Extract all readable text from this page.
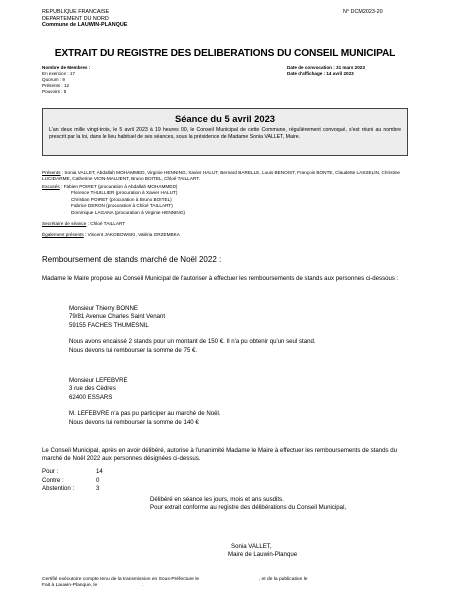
REPUBLIQUE FRANCAISE
DEPARTEMENT DU NORD
Commune de LAUWIN-PLANQUE
N° DCM2023-20
EXTRAIT DU REGISTRE DES DELIBERATIONS DU CONSEIL MUNICIPAL
Nombre de Membres :
En exercice : 17
Quorum : 9
Présents : 12
Pouvoirs : 5
Date de convocation : 31 mars 2023
Date d'affichage : 14 avril 2023
Séance du 5 avril 2023
L'an deux mille vingt-trois, le 5 avril 2023 à 19 heures 00, le Conseil Municipal de cette Commune, régulièrement convoqué, s'est réuni au nombre prescrit par la loi, dans le lieu habituel de ses séances, sous la présidence de Madame Sonia VALLET, Maire.
Présents : Sonia VALLET, Abdallah MOHAMMED, Virginie HENNING, Xavier HALUT, Bernard BARELLE, Louis BENOIST, François BONTE, Claudette LASSELIN, Christine LUCIDARME, Catherine VION-MAUJENT, Bruno BOITEL, Chloé TAILLART.
Excusés : Fabien POIRET (procuration à Abdallah MOHAMMED)
Florence THUILLIER (procuration à Xavier HALUT)
Christian POIRET (procuration à Bruno BOITEL)
Fabrice DERON (procuration à Chloé TAILLART)
Dominique LAGANA (procuration à Virginie HENNING)
Secrétaire de séance : Chloé TAILLART
Également présents : Vincent JAKOBOWSKI, Valéria GRZEMBKA
Remboursement de stands marché de Noël 2022 :
Madame le Maire propose au Conseil Municipal de l'autoriser à effectuer les remboursements de stands aux personnes ci-dessous :
Monsieur Thierry BONNE
79/81 Avenue Charles Saint Venant
59155 FACHES THUMESNIL
Nous avons encaissé 2 stands pour un montant de 150 €. Il n'a pu obtenir qu'un seul stand.
Nous devons lui rembourser la somme de 75 €.
Monsieur LEFEBVRE
3 rue des Cèdres
62400 ESSARS
M. LEFEBVRE n'a pas pu participer au marché de Noël.
Nous devons lui rembourser la somme de 140 €
Le Conseil Municipal, après en avoir délibéré, autorise à l'unanimité Madame le Maire à effectuer les remboursements de stands du marché de Noël 2022 aux personnes désignées ci-dessus.
Pour :	14
Contre :	0
Abstention :	3
Délibéré en séance les jours, mois et ans susdits.
Pour extrait conforme au registre des délibérations du Conseil Municipal,
Sonia VALLET,
Maire de Lauwin-Planque
Certifié exécutoire compte tenu de la transmission en Sous-Préfecture le	, et de la publication le
Fait à Lauwin-Planque, le	.
